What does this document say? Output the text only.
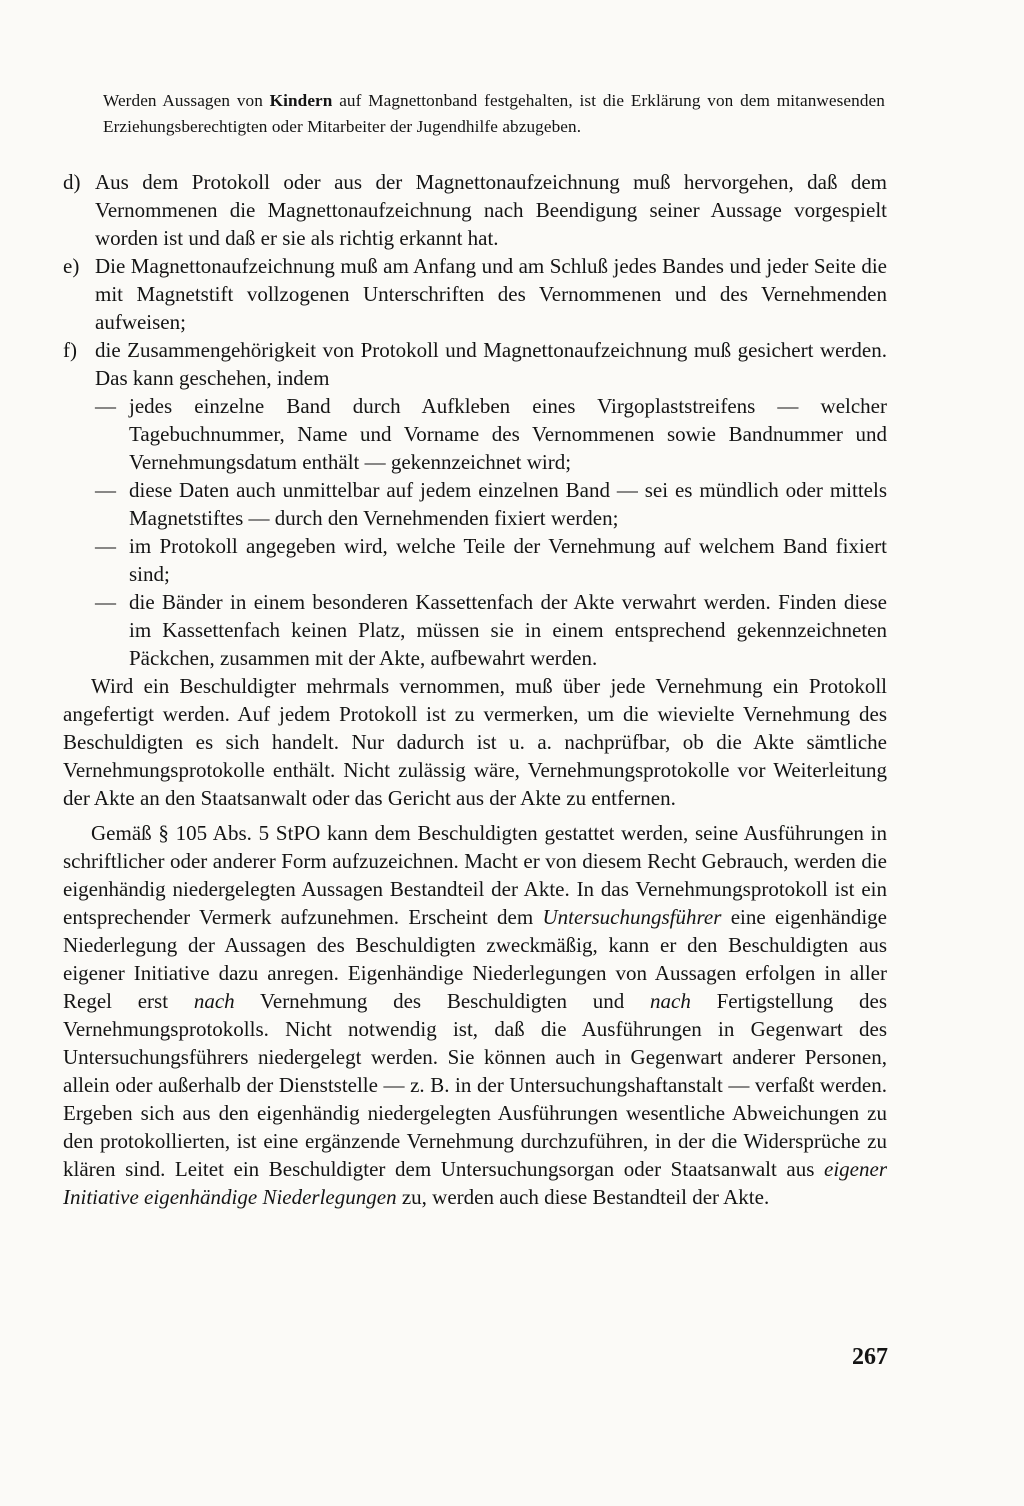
Werden Aussagen von Kindern auf Magnettonband festgehalten, ist die Erklärung von dem mitanwesenden Erziehungsberechtigten oder Mitarbeiter der Jugendhilfe abzugeben.
d) Aus dem Protokoll oder aus der Magnettonaufzeichnung muß hervorgehen, daß dem Vernommenen die Magnettonaufzeichnung nach Beendigung seiner Aussage vorgespielt worden ist und daß er sie als richtig erkannt hat.
e) Die Magnettonaufzeichnung muß am Anfang und am Schluß jedes Bandes und jeder Seite die mit Magnetstift vollzogenen Unterschriften des Vernommenen und des Vernehmenden aufweisen;
f) die Zusammengehörigkeit von Protokoll und Magnettonaufzeichnung muß gesichert werden. Das kann geschehen, indem
— jedes einzelne Band durch Aufkleben eines Virgoplaststreifens — welcher Tagebuchnummer, Name und Vorname des Vernommenen sowie Bandnummer und Vernehmungsdatum enthält — gekennzeichnet wird;
— diese Daten auch unmittelbar auf jedem einzelnen Band — sei es mündlich oder mittels Magnetstiftes — durch den Vernehmenden fixiert werden;
— im Protokoll angegeben wird, welche Teile der Vernehmung auf welchem Band fixiert sind;
— die Bänder in einem besonderen Kassettenfach der Akte verwahrt werden. Finden diese im Kassettenfach keinen Platz, müssen sie in einem entsprechend gekennzeichneten Päckchen, zusammen mit der Akte, aufbewahrt werden.
Wird ein Beschuldigter mehrmals vernommen, muß über jede Vernehmung ein Protokoll angefertigt werden. Auf jedem Protokoll ist zu vermerken, um die wievielte Vernehmung des Beschuldigten es sich handelt. Nur dadurch ist u. a. nachprüfbar, ob die Akte sämtliche Vernehmungsprotokolle enthält. Nicht zulässig wäre, Vernehmungsprotokolle vor Weiterleitung der Akte an den Staatsanwalt oder das Gericht aus der Akte zu entfernen.
Gemäß § 105 Abs. 5 StPO kann dem Beschuldigten gestattet werden, seine Ausführungen in schriftlicher oder anderer Form aufzuzeichnen. Macht er von diesem Recht Gebrauch, werden die eigenhändig niedergelegten Aussagen Bestandteil der Akte. In das Vernehmungsprotokoll ist ein entsprechender Vermerk aufzunehmen. Erscheint dem Untersuchungsführer eine eigenhändige Niederlegung der Aussagen des Beschuldigten zweckmäßig, kann er den Beschuldigten aus eigener Initiative dazu anregen. Eigenhändige Niederlegungen von Aussagen erfolgen in aller Regel erst nach Vernehmung des Beschuldigten und nach Fertigstellung des Vernehmungsprotokolls. Nicht notwendig ist, daß die Ausführungen in Gegenwart des Untersuchungsführers niedergelegt werden. Sie können auch in Gegenwart anderer Personen, allein oder außerhalb der Dienststelle — z. B. in der Untersuchungshaftanstalt — verfaßt werden. Ergeben sich aus den eigenhändig niedergelegten Ausführungen wesentliche Abweichungen zu den protokollierten, ist eine ergänzende Vernehmung durchzuführen, in der die Widersprüche zu klären sind. Leitet ein Beschuldigter dem Untersuchungsorgan oder Staatsanwalt aus eigener Initiative eigenhändige Niederlegungen zu, werden auch diese Bestandteil der Akte.
267
